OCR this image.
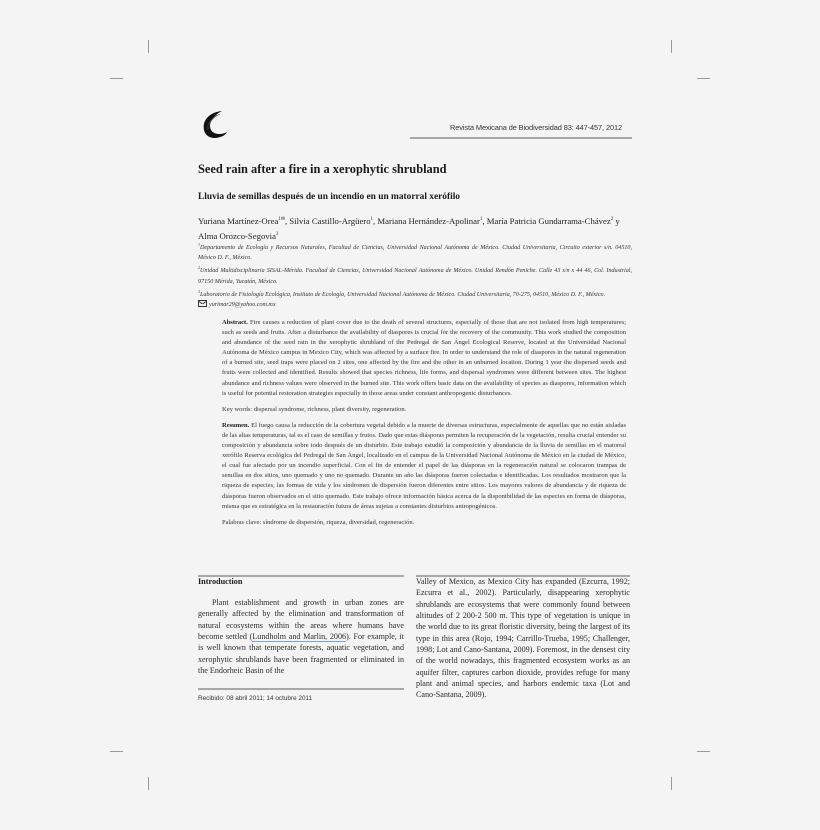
Revista Mexicana de Biodiversidad 83: 447-457, 2012
Seed rain after a fire in a xerophytic shrubland
Lluvia de semillas después de un incendio en un matorral xerófilo
Yuriana Martínez-Orea$^{1✉}$, Silvia Castillo-Argüero$^1$, Mariana Hernández-Apolinar$^1$, María Patricia Gundarrama-Chávez$^2$ y Alma Orozco-Segovia$^3$
$^1$Departamento de Ecología y Recursos Naturales, Facultad de Ciencias, Universidad Nacional Autónoma de México. Ciudad Universitaria, Circuito exterior s/n. 04510, México D. F., México.
$^2$Unidad Multidisciplinaria SISAL-Mérida. Facultad de Ciencias, Universidad Nacional Autónoma de México. Unidad Rendón Peniche. Calle 43 s/n x 44 46, Col. Industrial, 97150 Mérida, Yucatán, México.
$^3$Laboratorio de Fisiología Ecológica, Instituto de Ecología, Universidad Nacional Autónoma de México. Ciudad Universitaria, 70-275, 04510, México D. F., México.
yurimar29@yahoo.com.mx

Abstract. Fire causes a reduction of plant cover due to the death of several structures, especially of those that are not isolated from high temperatures; such as seeds and fruits. After a disturbance the availability of diaspores is crucial for the recovery of the community. This work studied the composition and abundance of the seed rain in the xerophytic shrubland of the Pedregal de San Ángel Ecological Reserve, located at the Universidad Nacional Autónoma de México campus in Mexico City, which was affected by a surface fire. In order to understand the role of diaspores in the natural regeneration of a burned site, seed traps were placed on 2 sites, one affected by the fire and the other in an unburned location. During 1 year the dispersed seeds and fruits were collected and identified. Results showed that species richness, life forms, and dispersal syndromes were different between sites. The highest abundance and richness values were observed in the burned site. This work offers basic data on the availability of species as diaspores, information which is useful for potential restoration strategies especially in those areas under constant anthropogenic disturbances.

Key words: dispersal syndrome, richness, plant diversity, regeneration.

Resumen. El fuego causa la reducción de la cobertura vegetal debido a la muerte de diversas estructuras, especialmente de aquellas que no están aisladas de las altas temperaturas, tal es el caso de semillas y frutos. Dado que estas diásporas permiten la recuperación de la vegetación, resulta crucial entender su composición y abundancia sobre todo después de un disturbio. Este trabajo estudió la composición y abundancia de la lluvia de semillas en el matorral xerófilo Reserva ecológica del Pedregal de San Ángel, localizado en el campus de la Universidad Nacional Autónoma de México en la ciudad de México, el cual fue afectado por un incendio superficial. Con el fin de entender el papel de las diásporas en la regeneración natural se colocaron trampas de semillas en dos sitios, uno quemado y uno no quemado. Durante un año las diásporas fueron colectadas e identificadas. Los resultados mostraron que la riqueza de especies, las formas de vida y los síndromes de dispersión fueron diferentes entre sitios. Los mayores valores de abundancia y de riqueza de diásporas fueron observados en el sitio quemado. Este trabajo ofrece información básica acerca de la disponibilidad de las especies en forma de diásporas, misma que es estratégica en la restauración futura de áreas sujetas a constantes disturbios antropogénicos.

Palabras clave: síndrome de dispersión, riqueza, diversidad, regeneración.

Introduction

Plant establishment and growth in urban zones are generally affected by the elimination and transformation of natural ecosystems within the areas where humans have become settled (Lundholm and Marlin, 2006). For example, it is well known that temperate forests, aquatic vegetation, and xerophytic shrublands have been fragmented or eliminated in the Endorheic Basin of the

Valley of Mexico, as Mexico City has expanded (Ezcurra, 1992; Ezcurra et al., 2002). Particularly, disappearing xerophytic shrublands are ecosystems that were commonly found between altitudes of 2 200-2 500 m. This type of vegetation is unique in the world due to its great floristic diversity, being the largest of its type in this area (Rojo, 1994; Carrillo-Trueba, 1995; Challenger, 1998; Lot and Cano-Santana, 2009). Foremost, in the densest city of the world nowadays, this fragmented ecosystem works as an aquifer filter, captures carbon dioxide, provides refuge for many plant and animal species, and harbors endemic taxa (Lot and Cano-Santana, 2009).

Recibido: 08 abril 2011; 14 octubre 2011
